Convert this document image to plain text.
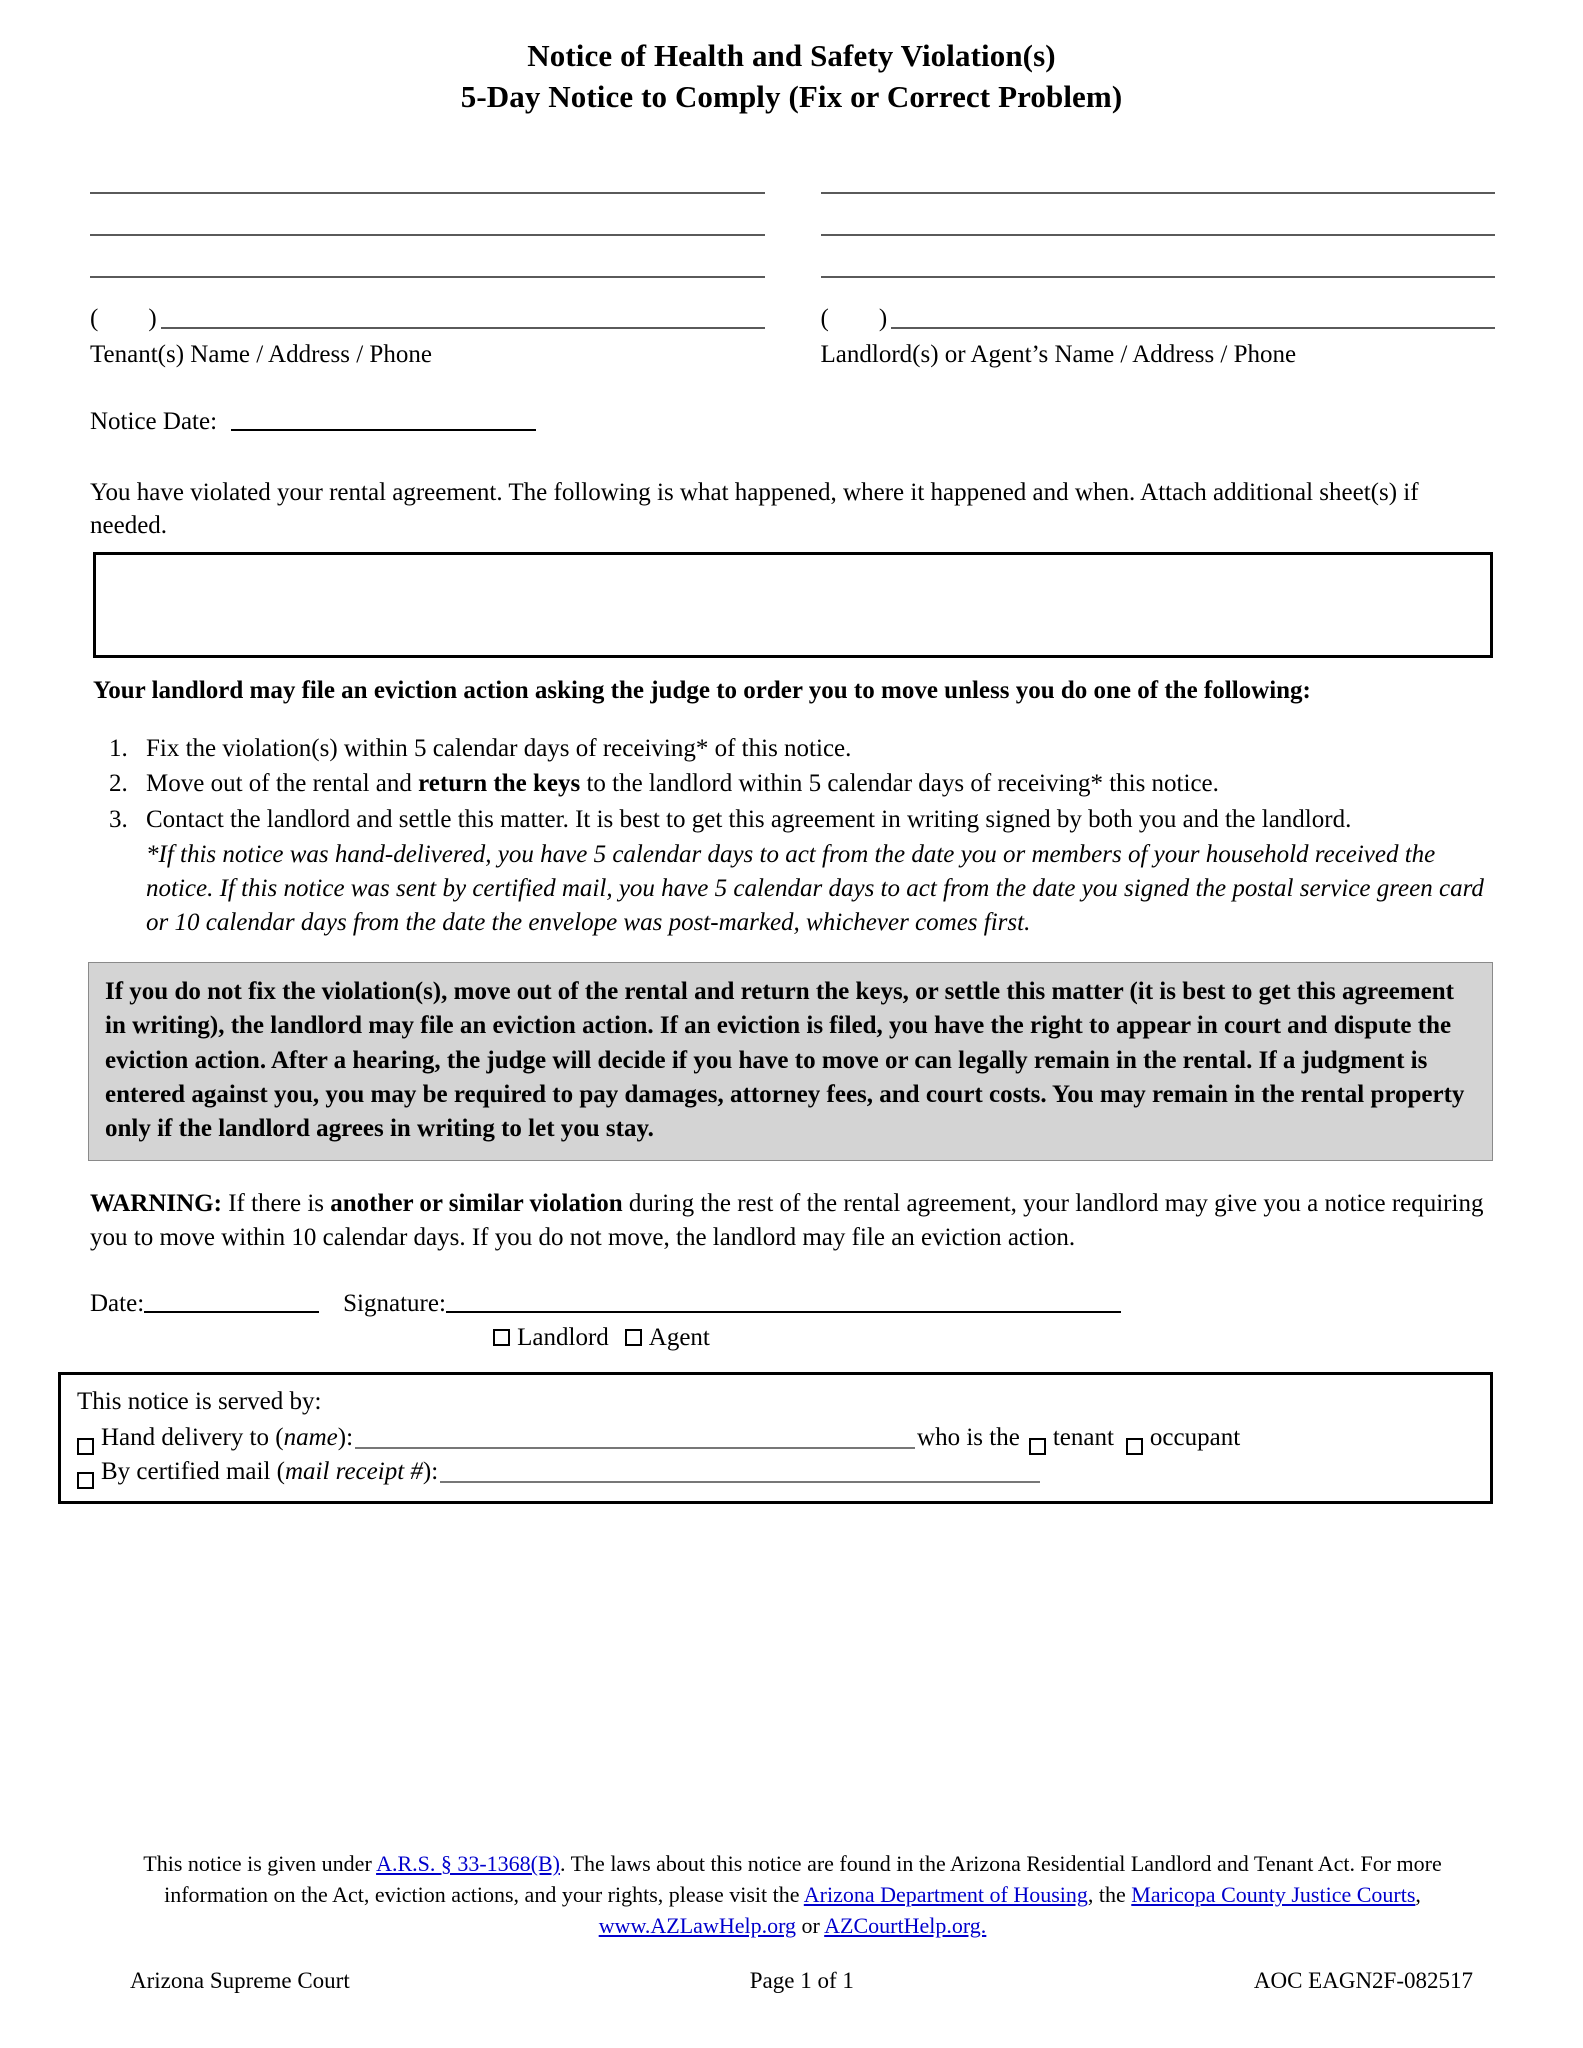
Notice of Health and Safety Violation(s)
5-Day Notice to Comply (Fix or Correct Problem)
(        )
Tenant(s) Name / Address / Phone
(        )
Landlord(s) or Agent’s Name / Address / Phone
Notice Date:
You have violated your rental agreement. The following is what happened, where it happened and when. Attach additional sheet(s) if needed.
Your landlord may file an eviction action asking the judge to order you to move unless you do one of the following:
1. Fix the violation(s) within 5 calendar days of receiving* of this notice.
2. Move out of the rental and return the keys to the landlord within 5 calendar days of receiving* this notice.
3. Contact the landlord and settle this matter. It is best to get this agreement in writing signed by both you and the landlord.
*If this notice was hand-delivered, you have 5 calendar days to act from the date you or members of your household received the notice. If this notice was sent by certified mail, you have 5 calendar days to act from the date you signed the postal service green card or 10 calendar days from the date the envelope was post-marked, whichever comes first.
If you do not fix the violation(s), move out of the rental and return the keys, or settle this matter (it is best to get this agreement in writing), the landlord may file an eviction action. If an eviction is filed, you have the right to appear in court and dispute the eviction action. After a hearing, the judge will decide if you have to move or can legally remain in the rental. If a judgment is entered against you, you may be required to pay damages, attorney fees, and court costs. You may remain in the rental property only if the landlord agrees in writing to let you stay.
WARNING: If there is another or similar violation during the rest of the rental agreement, your landlord may give you a notice requiring you to move within 10 calendar days. If you do not move, the landlord may file an eviction action.
Date:	Signature:
Landlord	Agent
This notice is served by:
Hand delivery to ( name ):	who is the tenant occupant
By certified mail ( mail receipt # ):
This notice is given under A.R.S. § 33-1368(B). The laws about this notice are found in the Arizona Residential Landlord and Tenant Act. For more information on the Act, eviction actions, and your rights, please visit the Arizona Department of Housing, the Maricopa County Justice Courts, www.AZLawHelp.org or AZCourtHelp.org.
Arizona Supreme Court	Page 1 of 1	AOC EAGN2F-082517
